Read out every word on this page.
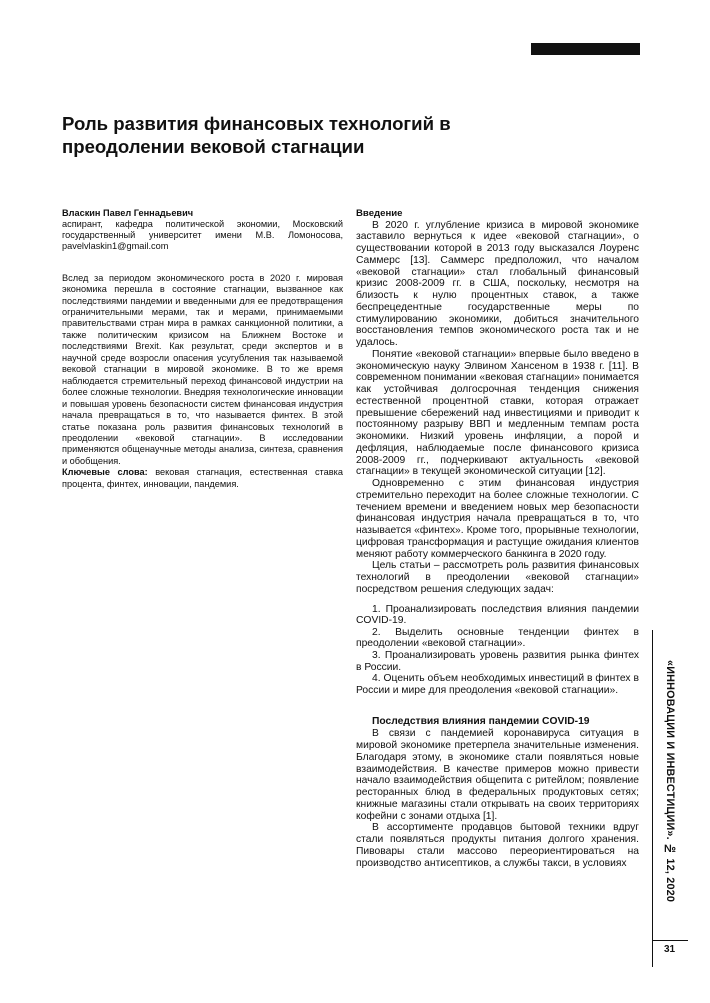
Роль развития финансовых технологий в преодолении вековой стагнации
Власкин Павел Геннадьевич
аспирант, кафедра политической экономии, Московский государственный университет имени М.В. Ломоносова, pavelvlaskin1@gmail.com
Вслед за периодом экономического роста в 2020 г. мировая экономика перешла в состояние стагнации, вызванное как последствиями пандемии и введенными для ее предотвращения ограничительными мерами, так и мерами, принимаемыми правительствами стран мира в рамках санкционной политики, а также политическим кризисом на Ближнем Востоке и последствиями Brexit. Как результат, среди экспертов и в научной среде возросли опасения усугубления так называемой вековой стагнации в мировой экономике. В то же время наблюдается стремительный переход финансовой индустрии на более сложные технологии. Внедряя технологические инновации и повышая уровень безопасности систем финансовая индустрия начала превращаться в то, что называется финтех. В этой статье показана роль развития финансовых технологий в преодолении «вековой стагнации». В исследовании применяются общенаучные методы анализа, синтеза, сравнения и обобщения.
Ключевые слова: вековая стагнация, естественная ставка процента, финтех, инновации, пандемия.
Введение

В 2020 г. углубление кризиса в мировой экономике заставило вернуться к идее «вековой стагнации», о существовании которой в 2013 году высказался Лоуренс Саммерс [13]. Саммерс предположил, что началом «вековой стагнации» стал глобальный финансовый кризис 2008-2009 гг. в США, поскольку, несмотря на близость к нулю процентных ставок, а также беспрецедентные государственные меры по стимулированию экономики, добиться значительного восстановления темпов экономического роста так и не удалось.

Понятие «вековой стагнации» впервые было введено в экономическую науку Элвином Хансеном в 1938 г. [11]. В современном понимании «вековая стагнации» понимается как устойчивая долгосрочная тенденция снижения естественной процентной ставки, которая отражает превышение сбережений над инвестициями и приводит к постоянному разрыву ВВП и медленным темпам роста экономики. Низкий уровень инфляции, а порой и дефляция, наблюдаемые после финансового кризиса 2008-2009 гг., подчеркивают актуальность «вековой стагнации» в текущей экономической ситуации [12].

Одновременно с этим финансовая индустрия стремительно переходит на более сложные технологии. С течением времени и введением новых мер безопасности финансовая индустрия начала превращаться в то, что называется «финтех». Кроме того, прорывные технологии, цифровая трансформация и растущие ожидания клиентов меняют работу коммерческого банкинга в 2020 году.

Цель статьи – рассмотреть роль развития финансовых технологий в преодолении «вековой стагнации» посредством решения следующих задач:

1. Проанализировать последствия влияния пандемии COVID-19.

2. Выделить основные тенденции финтех в преодолении «вековой стагнации».

3. Проанализировать уровень развития рынка финтех в России.

4. Оценить объем необходимых инвестиций в финтех в России и мире для преодоления «вековой стагнации».

Последствия влияния пандемии COVID-19

В связи с пандемией коронавируса ситуация в мировой экономике претерпела значительные изменения. Благодаря этому, в экономике стали появляться новые взаимодействия. В качестве примеров можно привести начало взаимодействия общепита с ритейлом; появление ресторанных блюд в федеральных продуктовых сетях; книжные магазины стали открывать на своих территориях кофейни с зонами отдыха [1].

В ассортименте продавцов бытовой техники вдруг стали появляться продукты питания долгого хранения. Пивовары стали массово переориентироваться на производство антисептиков, а службы такси, в условиях	«ИННОВАЦИИ И ИНВЕСТИЦИИ». № 12, 2020
31
